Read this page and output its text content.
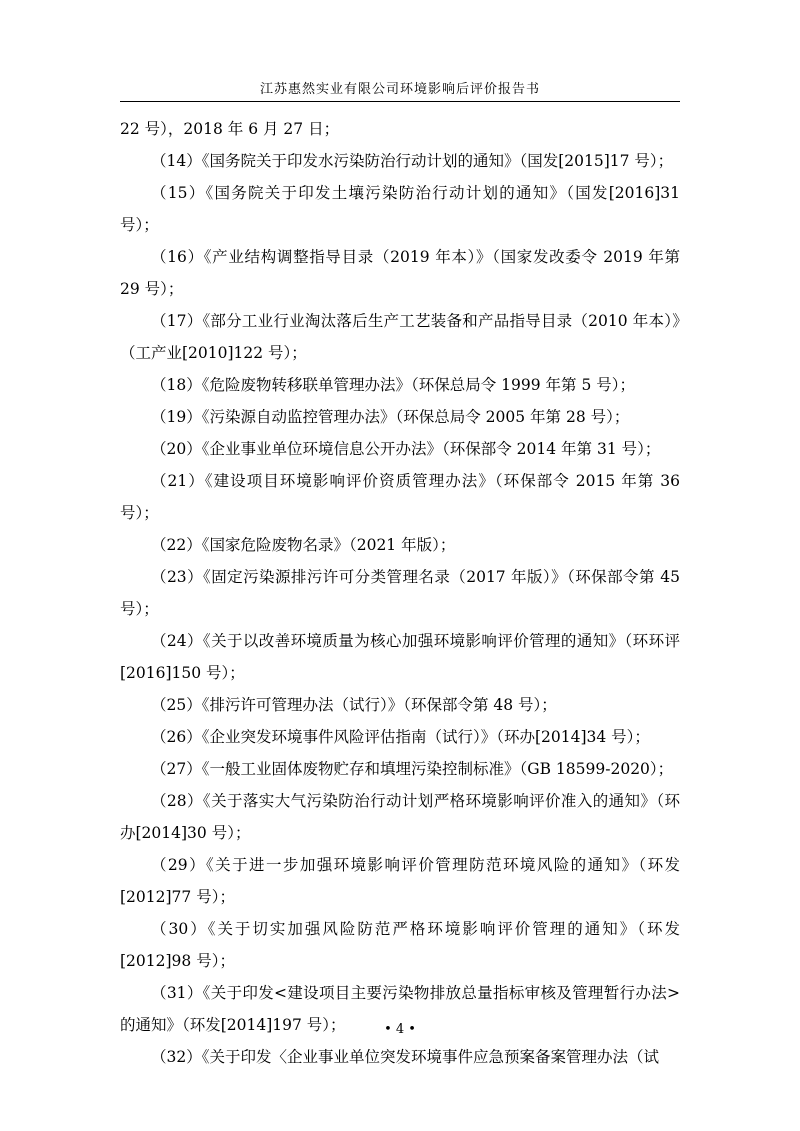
江苏惠然实业有限公司环境影响后评价报告书

22 号），2018 年 6 月 27 日；

（14）《国务院关于印发水污染防治行动计划的通知》（国发[2015]17 号）；

（15）《国务院关于印发土壤污染防治行动计划的通知》（国发[2016]31 号）；

（16）《产业结构调整指导目录（2019 年本）》（国家发改委令 2019 年第 29 号）；

（17）《部分工业行业淘汰落后生产工艺装备和产品指导目录（2010 年本）》（工产业[2010]122 号）；

（18）《危险废物转移联单管理办法》（环保总局令 1999 年第 5 号）；

（19）《污染源自动监控管理办法》（环保总局令 2005 年第 28 号）；

（20）《企业事业单位环境信息公开办法》（环保部令 2014 年第 31 号）；

（21）《建设项目环境影响评价资质管理办法》（环保部令 2015 年第 36 号）；

（22）《国家危险废物名录》（2021 年版）；

（23）《固定污染源排污许可分类管理名录（2017 年版）》（环保部令第 45 号）；

（24）《关于以改善环境质量为核心加强环境影响评价管理的通知》（环环评[2016]150 号）；

（25）《排污许可管理办法（试行）》（环保部令第 48 号）；

（26）《企业突发环境事件风险评估指南（试行）》（环办[2014]34 号）；

（27）《一般工业固体废物贮存和填埋污染控制标准》（GB 18599-2020）；

（28）《关于落实大气污染防治行动计划严格环境影响评价准入的通知》（环办[2014]30 号）；

（29）《关于进一步加强环境影响评价管理防范环境风险的通知》（环发[2012]77 号）；

（30）《关于切实加强风险防范严格环境影响评价管理的通知》（环发[2012]98 号）；

（31）《关于印发<建设项目主要污染物排放总量指标审核及管理暂行办法>的通知》（环发[2014]197 号）；

（32）《关于印发〈企业事业单位突发环境事件应急预案备案管理办法（试

• 4 •
